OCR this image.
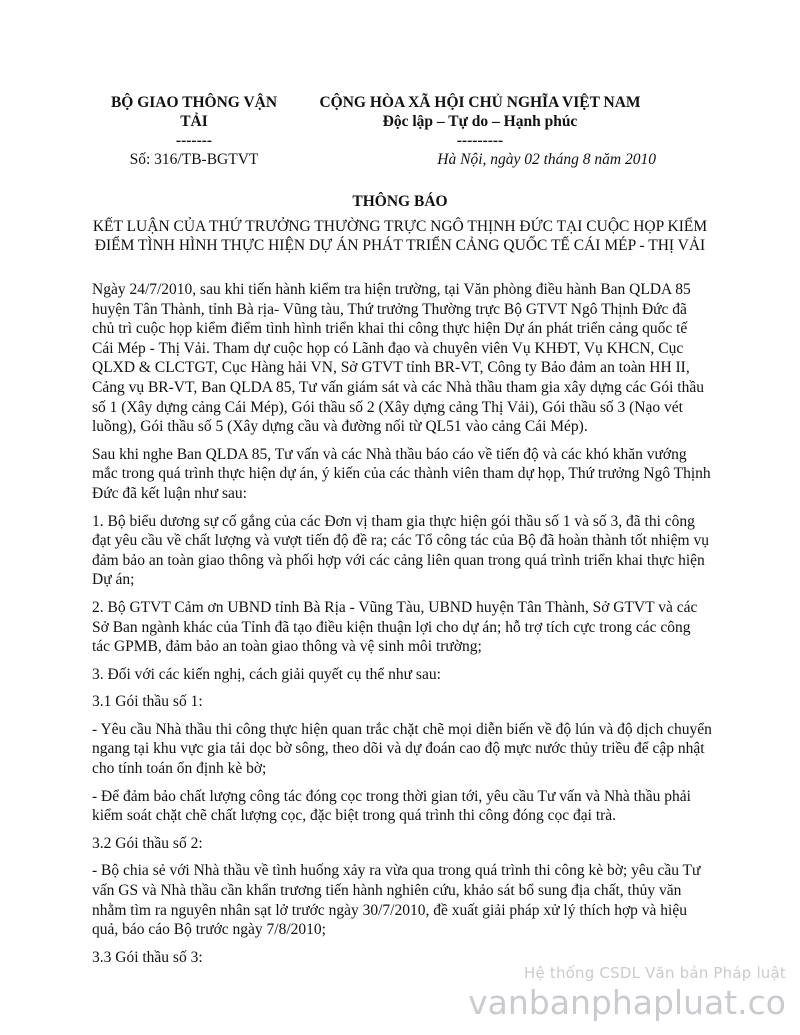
BỘ GIAO THÔNG VẬN
TẢI
-------
Số: 316/TB-BGTVT
CỘNG HÒA XÃ HỘI CHỦ NGHĨA VIỆT NAM
Độc lập – Tự do – Hạnh phúc
---------
Hà Nội, ngày 02 tháng 8 năm 2010
THÔNG BÁO
KẾT LUẬN CỦA THỨ TRƯỞNG THƯỜNG TRỰC NGÔ THỊNH ĐỨC TẠI CUỘC HỌP KIỂM ĐIỂM TÌNH HÌNH THỰC HIỆN DỰ ÁN PHÁT TRIỂN CẢNG QUỐC TẾ CÁI MÉP - THỊ VẢI

Ngày 24/7/2010, sau khi tiến hành kiểm tra hiện trường, tại Văn phòng điều hành Ban QLDA 85 huyện Tân Thành, tỉnh Bà rịa- Vũng tàu, Thứ trưởng Thường trực Bộ GTVT Ngô Thịnh Đức đã chủ trì cuộc họp kiểm điểm tình hình triển khai thi công thực hiện Dự án phát triển cảng quốc tế Cái Mép - Thị Vải. Tham dự cuộc họp có Lãnh đạo và chuyên viên Vụ KHĐT, Vụ KHCN, Cục QLXD & CLCTGT, Cục Hàng hải VN, Sở GTVT tỉnh BR-VT, Công ty Bảo đảm an toàn HH II, Cảng vụ BR-VT, Ban QLDA 85, Tư vấn giám sát và các Nhà thầu tham gia xây dựng các Gói thầu số 1 (Xây dựng cảng Cái Mép), Gói thầu số 2 (Xây dựng cảng Thị Vải), Gói thầu số 3 (Nạo vét luồng), Gói thầu số 5 (Xây dựng cầu và đường nối từ QL51 vào cảng Cái Mép).

Sau khi nghe Ban QLDA 85, Tư vấn và các Nhà thầu báo cáo về tiến độ và các khó khăn vướng mắc trong quá trình thực hiện dự án, ý kiến của các thành viên tham dự họp, Thứ trưởng Ngô Thịnh Đức đã kết luận như sau:

1. Bộ biểu dương sự cố gắng của các Đơn vị tham gia thực hiện gói thầu số 1 và số 3, đã thi công đạt yêu cầu về chất lượng và vượt tiến độ đề ra; các Tổ công tác của Bộ đã hoàn thành tốt nhiệm vụ đảm bảo an toàn giao thông và phối hợp với các cảng liên quan trong quá trình triển khai thực hiện Dự án;

2. Bộ GTVT Cảm ơn UBND tỉnh Bà Rịa - Vũng Tàu, UBND huyện Tân Thành, Sở GTVT và các Sở Ban ngành khác của Tỉnh đã tạo điều kiện thuận lợi cho dự án; hỗ trợ tích cực trong các công tác GPMB, đảm bảo an toàn giao thông và vệ sinh môi trường;

3. Đối với các kiến nghị, cách giải quyết cụ thể như sau:

3.1 Gói thầu số 1:

- Yêu cầu Nhà thầu thi công thực hiện quan trắc chặt chẽ mọi diễn biến về độ lún và độ dịch chuyển ngang tại khu vực gia tải dọc bờ sông, theo dõi và dự đoán cao độ mực nước thủy triều để cập nhật cho tính toán ổn định kè bờ;

- Để đảm bảo chất lượng công tác đóng cọc trong thời gian tới, yêu cầu Tư vấn và Nhà thầu phải kiểm soát chặt chẽ chất lượng cọc, đặc biệt trong quá trình thi công đóng cọc đại trà.

3.2 Gói thầu số 2:

- Bộ chia sẻ với Nhà thầu về tình huống xảy ra vừa qua trong quá trình thi công kè bờ; yêu cầu Tư vấn GS và Nhà thầu cần khẩn trương tiến hành nghiên cứu, khảo sát bổ sung địa chất, thủy văn nhằm tìm ra nguyên nhân sạt lở trước ngày 30/7/2010, đề xuất giải pháp xử lý thích hợp và hiệu quả, báo cáo Bộ trước ngày 7/8/2010;

3.3 Gói thầu số 3:

Hệ thống CSDL Văn bản Pháp luật
vanbanphapluat.co
